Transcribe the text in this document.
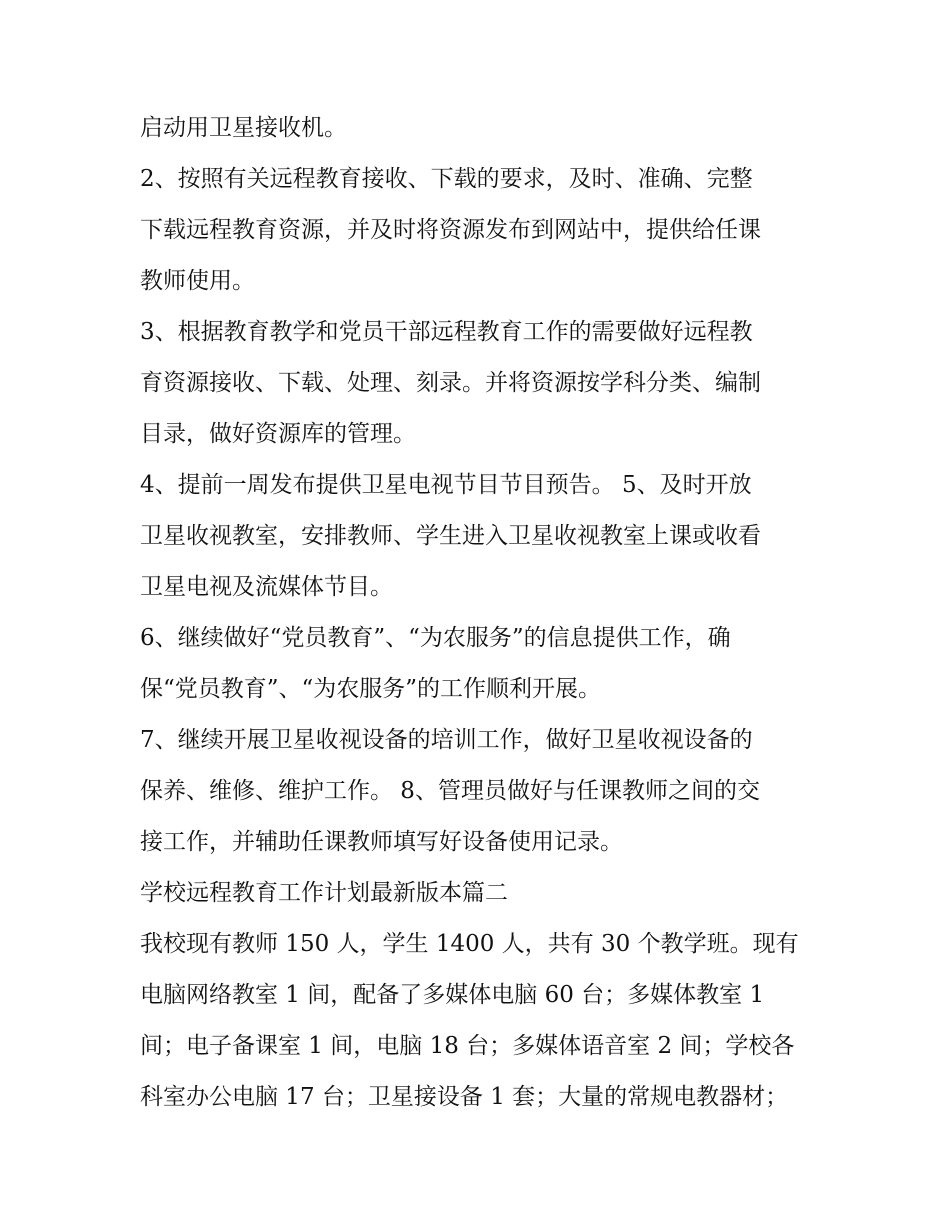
启动用卫星接收机。
2、按照有关远程教育接收、下载的要求，及时、准确、完整
下载远程教育资源，并及时将资源发布到网站中，提供给任课
教师使用。
3、根据教育教学和党员干部远程教育工作的需要做好远程教
育资源接收、下载、处理、刻录。并将资源按学科分类、编制
目录，做好资源库的管理。
4、提前一周发布提供卫星电视节目节目预告。 5、及时开放
卫星收视教室，安排教师、学生进入卫星收视教室上课或收看
卫星电视及流媒体节目。
6、继续做好“党员教育”、“为农服务”的信息提供工作，确
保“党员教育”、“为农服务”的工作顺利开展。
7、继续开展卫星收视设备的培训工作，做好卫星收视设备的
保养、维修、维护工作。 8、管理员做好与任课教师之间的交
接工作，并辅助任课教师填写好设备使用记录。
学校远程教育工作计划最新版本篇二
我校现有教师 150 人，学生 1400 人，共有 30 个教学班。现有
电脑网络教室 1 间，配备了多媒体电脑 60 台；多媒体教室 1
间；电子备课室 1 间，电脑 18 台；多媒体语音室 2 间；学校各
科室办公电脑 17 台；卫星接设备 1 套；大量的常规电教器材；
